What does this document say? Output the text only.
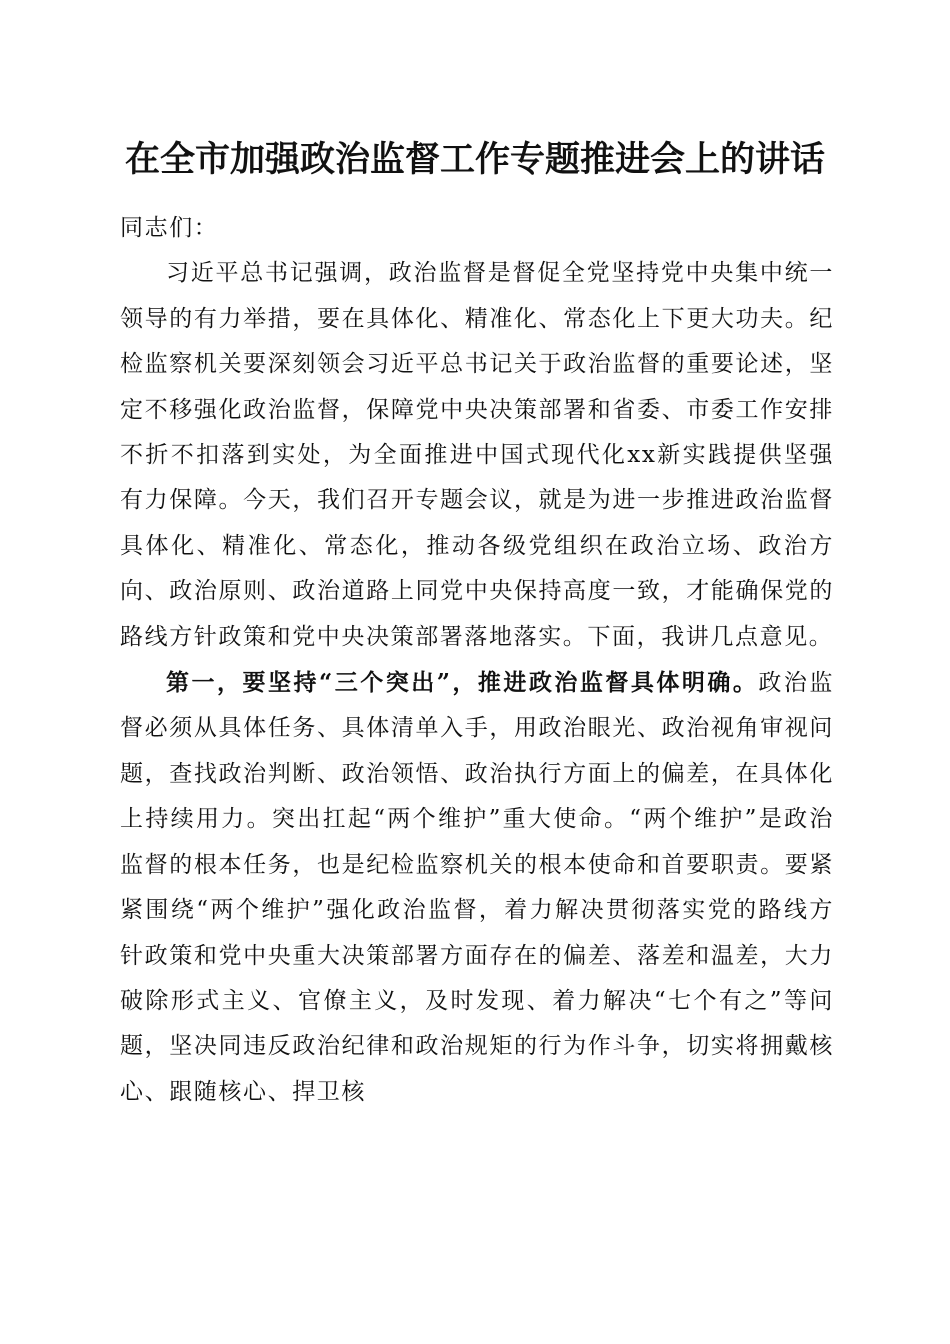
在全市加强政治监督工作专题推进会上的讲话

同志们：

习近平总书记强调，政治监督是督促全党坚持党中央集中统一领导的有力举措，要在具体化、精准化、常态化上下更大功夫。纪检监察机关要深刻领会习近平总书记关于政治监督的重要论述，坚定不移强化政治监督，保障党中央决策部署和省委、市委工作安排不折不扣落到实处，为全面推进中国式现代化xx新实践提供坚强有力保障。今天，我们召开专题会议，就是为进一步推进政治监督具体化、精准化、常态化，推动各级党组织在政治立场、政治方向、政治原则、政治道路上同党中央保持高度一致，才能确保党的路线方针政策和党中央决策部署落地落实。下面，我讲几点意见。

第一，要坚持“三个突出”，推进政治监督具体明确。政治监督必须从具体任务、具体清单入手，用政治眼光、政治视角审视问题，查找政治判断、政治领悟、政治执行方面上的偏差，在具体化上持续用力。突出扛起“两个维护”重大使命。“两个维护”是政治监督的根本任务，也是纪检监察机关的根本使命和首要职责。要紧紧围绕“两个维护”强化政治监督，着力解决贯彻落实党的路线方针政策和党中央重大决策部署方面存在的偏差、落差和温差，大力破除形式主义、官僚主义，及时发现、着力解决“七个有之”等问题，坚决同违反政治纪律和政治规矩的行为作斗争，切实将拥戴核心、跟随核心、捍卫核
